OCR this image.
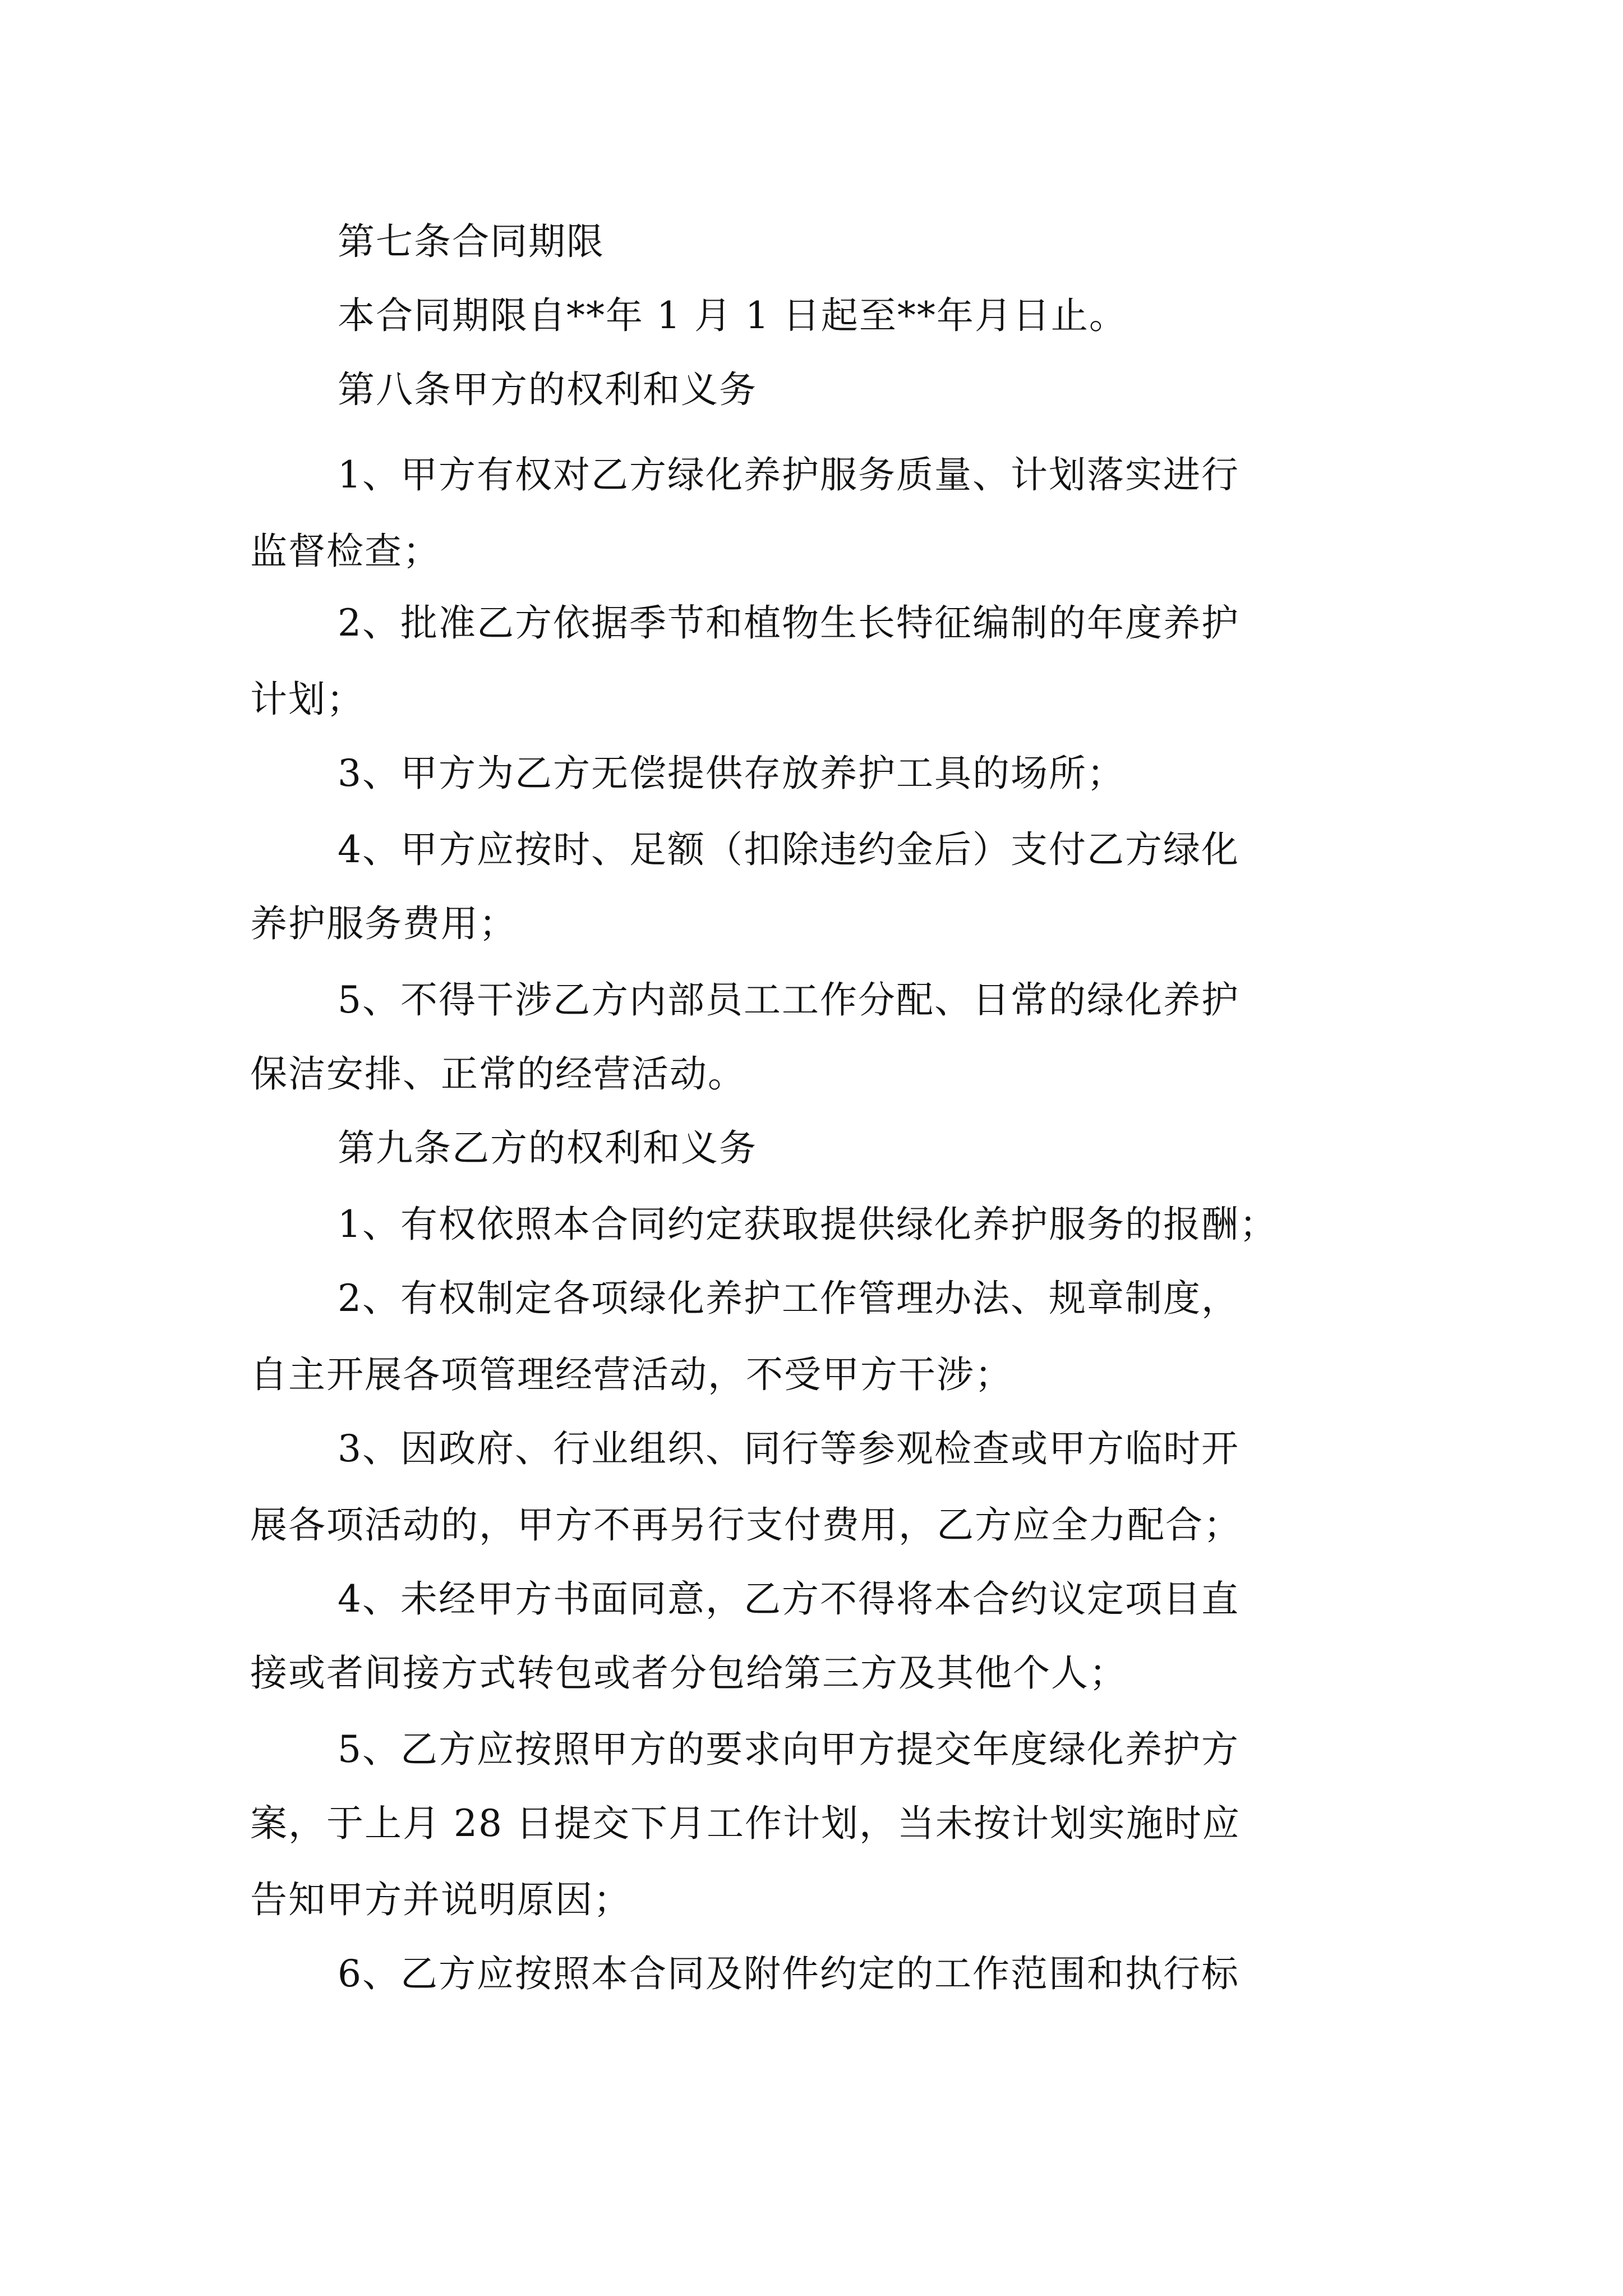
第七条合同期限
本合同期限自**年 1 月 1 日起至**年月日止。
第八条甲方的权利和义务
1、甲方有权对乙方绿化养护服务质量、计划落实进行
监督检查；
2、批准乙方依据季节和植物生长特征编制的年度养护
计划；
3、甲方为乙方无偿提供存放养护工具的场所；
4、甲方应按时、足额（扣除违约金后）支付乙方绿化
养护服务费用；
5、不得干涉乙方内部员工工作分配、日常的绿化养护
保洁安排、正常的经营活动。
第九条乙方的权利和义务
1、有权依照本合同约定获取提供绿化养护服务的报酬；
2、有权制定各项绿化养护工作管理办法、规章制度，
自主开展各项管理经营活动，不受甲方干涉；
3、因政府、行业组织、同行等参观检查或甲方临时开
展各项活动的，甲方不再另行支付费用，乙方应全力配合；
4、未经甲方书面同意，乙方不得将本合约议定项目直
接或者间接方式转包或者分包给第三方及其他个人；
5、乙方应按照甲方的要求向甲方提交年度绿化养护方
案，于上月 28 日提交下月工作计划，当未按计划实施时应
告知甲方并说明原因；
6、乙方应按照本合同及附件约定的工作范围和执行标
